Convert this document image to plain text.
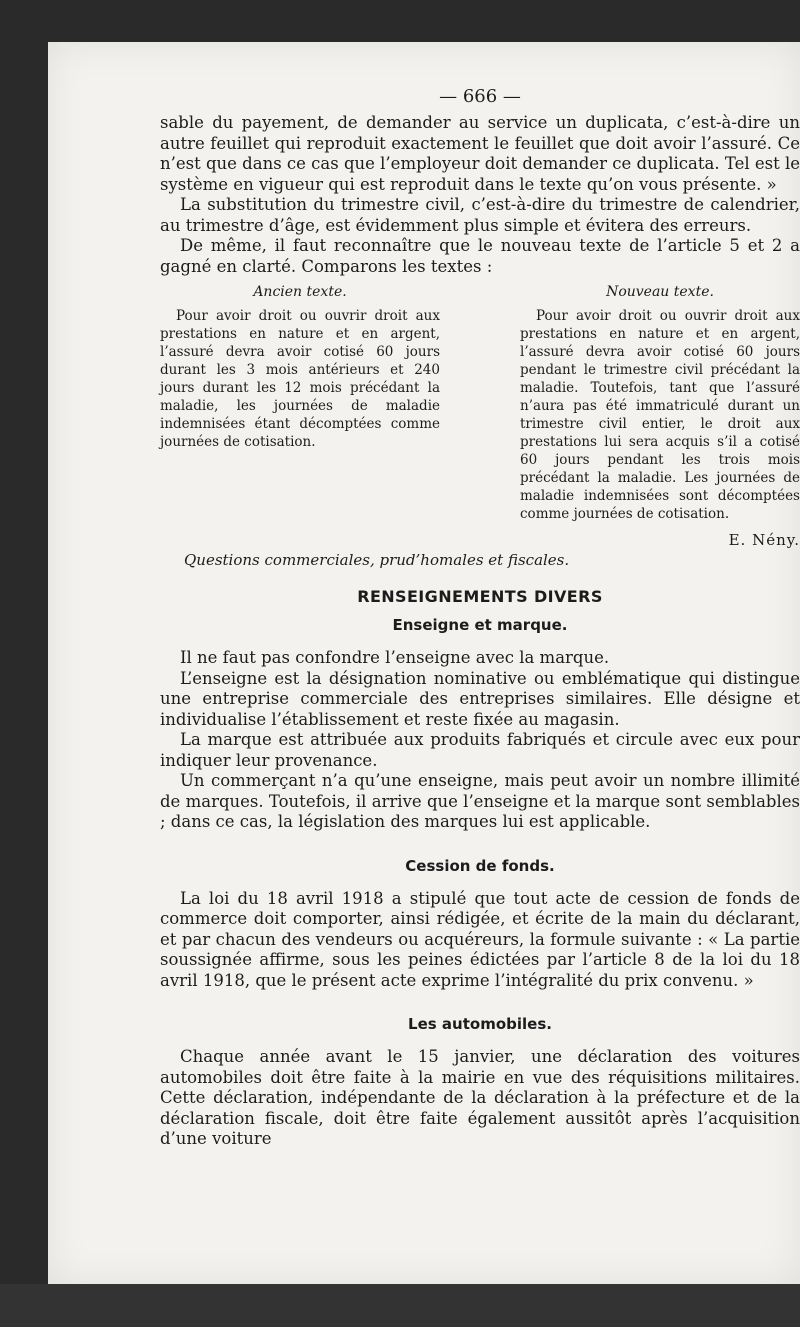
— 666 —

sable du payement, de demander au service un duplicata, c’est-à-dire un autre feuillet qui reproduit exactement le feuillet que doit avoir l’assuré. Ce n’est que dans ce cas que l’employeur doit demander ce duplicata. Tel est le système en vigueur qui est reproduit dans le texte qu’on vous présente. »

La substitution du trimestre civil, c’est-à-dire du trimestre de calendrier, au trimestre d’âge, est évidemment plus simple et évitera des erreurs.

De même, il faut reconnaître que le nouveau texte de l’article 5 et 2 a gagné en clarté. Comparons les textes :

Ancien texte.

Pour avoir droit ou ouvrir droit aux prestations en nature et en argent, l’assuré devra avoir cotisé 60 jours durant les 3 mois antérieurs et 240 jours durant les 12 mois précédant la maladie, les journées de maladie indemnisées étant décomptées comme journées de cotisation.

Nouveau texte.

Pour avoir droit ou ouvrir droit aux prestations en nature et en argent, l’assuré devra avoir cotisé 60 jours pendant le trimestre civil précédant la maladie. Toutefois, tant que l’assuré n’aura pas été immatriculé durant un trimestre civil entier, le droit aux prestations lui sera acquis s’il a cotisé 60 jours pendant les trois mois précédant la maladie. Les journées de maladie indemnisées sont décomptées comme journées de cotisation.

E. Nény.
Questions commerciales, prud’homales et fiscales.
RENSEIGNEMENTS DIVERS
Enseigne et marque.

Il ne faut pas confondre l’enseigne avec la marque.

L’enseigne est la désignation nominative ou emblématique qui distingue une entreprise commerciale des entreprises similaires. Elle désigne et individualise l’établissement et reste fixée au magasin.

La marque est attribuée aux produits fabriqués et circule avec eux pour indiquer leur provenance.

Un commerçant n’a qu’une enseigne, mais peut avoir un nombre illimité de marques. Toutefois, il arrive que l’enseigne et la marque sont semblables ; dans ce cas, la législation des marques lui est applicable.

Cession de fonds.

La loi du 18 avril 1918 a stipulé que tout acte de cession de fonds de commerce doit comporter, ainsi rédigée, et écrite de la main du déclarant, et par chacun des vendeurs ou acquéreurs, la formule suivante : « La partie soussignée affirme, sous les peines édictées par l’article 8 de la loi du 18 avril 1918, que le présent acte exprime l’intégralité du prix convenu. »

Les automobiles.

Chaque année avant le 15 janvier, une déclaration des voitures automobiles doit être faite à la mairie en vue des réquisitions militaires. Cette déclaration, indépendante de la déclaration à la préfecture et de la déclaration fiscale, doit être faite également aussitôt après l’acquisition d’une voiture
